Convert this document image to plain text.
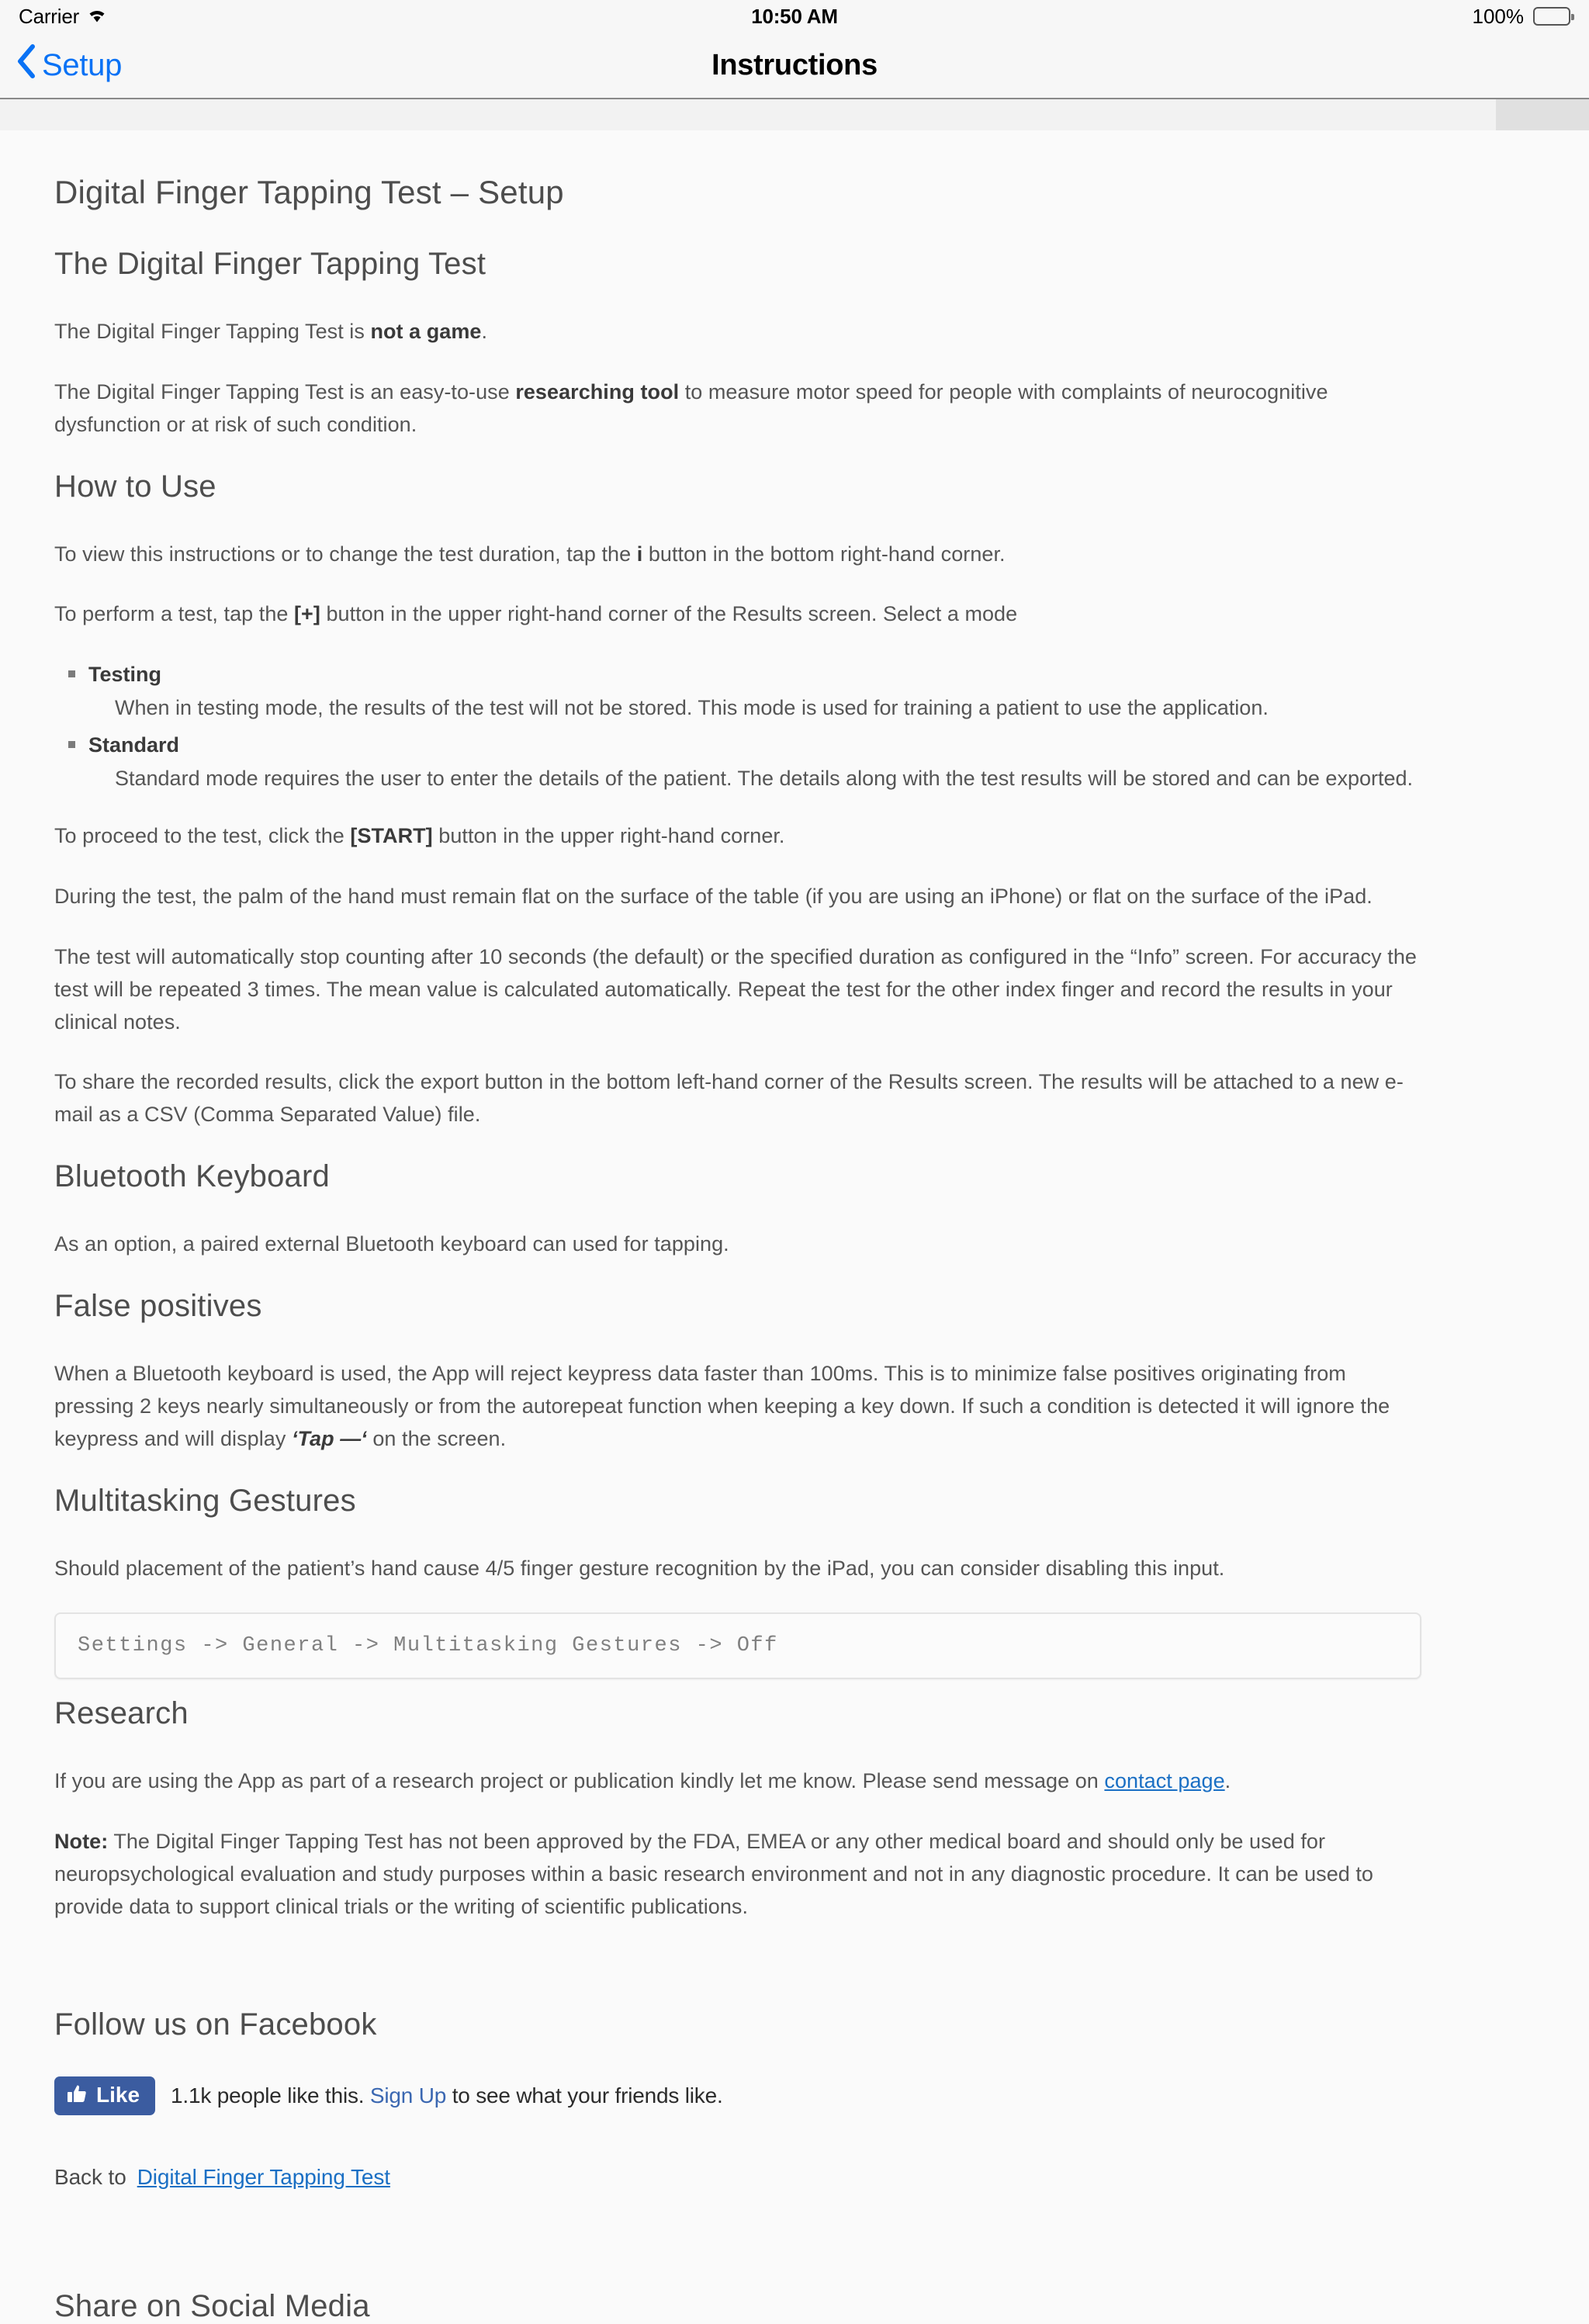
Carrier	10:50 AM	100%
Setup	Instructions
Digital Finger Tapping Test – Setup
The Digital Finger Tapping Test

The Digital Finger Tapping Test is not a game.

The Digital Finger Tapping Test is an easy-to-use researching tool to measure motor speed for people with complaints of neurocognitive dysfunction or at risk of such condition.

How to Use

To view this instructions or to change the test duration, tap the i button in the bottom right-hand corner.

To perform a test, tap the [+] button in the upper right-hand corner of the Results screen. Select a mode

Testing
When in testing mode, the results of the test will not be stored. This mode is used for training a patient to use the application.
Standard
Standard mode requires the user to enter the details of the patient. The details along with the test results will be stored and can be exported.

To proceed to the test, click the [START] button in the upper right-hand corner.

During the test, the palm of the hand must remain flat on the surface of the table (if you are using an iPhone) or flat on the surface of the iPad.

The test will automatically stop counting after 10 seconds (the default) or the specified duration as configured in the “Info” screen. For accuracy the test will be repeated 3 times. The mean value is calculated automatically. Repeat the test for the other index finger and record the results in your clinical notes.

To share the recorded results, click the export button in the bottom left-hand corner of the Results screen. The results will be attached to a new e-mail as a CSV (Comma Separated Value) file.

Bluetooth Keyboard

As an option, a paired external Bluetooth keyboard can used for tapping.

False positives

When a Bluetooth keyboard is used, the App will reject keypress data faster than 100ms. This is to minimize false positives originating from pressing 2 keys nearly simultaneously or from the autorepeat function when keeping a key down. If such a condition is detected it will ignore the keypress and will display ‘Tap —‘ on the screen.

Multitasking Gestures

Should placement of the patient’s hand cause 4/5 finger gesture recognition by the iPad, you can consider disabling this input.

Settings -> General -> Multitasking Gestures -> Off
Research

If you are using the App as part of a research project or publication kindly let me know. Please send message on contact page.

Note: The Digital Finger Tapping Test has not been approved by the FDA, EMEA or any other medical board and should only be used for neuropsychological evaluation and study purposes within a basic research environment and not in any diagnostic procedure. It can be used to provide data to support clinical trials or the writing of scientific publications.

Follow us on Facebook
Like 1.1k people like this. Sign Up to see what your friends like.

Back to Digital Finger Tapping Test

Share on Social Media
